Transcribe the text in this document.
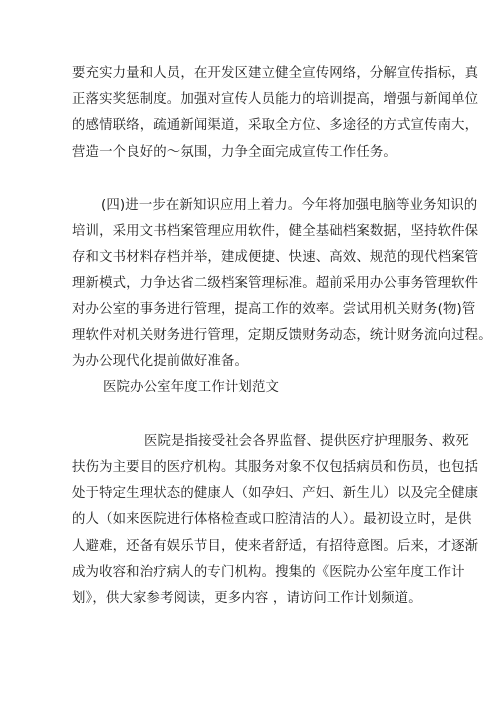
要充实力量和人员，在开发区建立健全宣传网络，分解宣传指标，真
正落实奖惩制度。加强对宣传人员能力的培训提高，增强与新闻单位
的感情联络，疏通新闻渠道，采取全方位、多途径的方式宣传南大，
营造一个良好的～氛围，力争全面完成宣传工作任务。
(四)进一步在新知识应用上着力。今年将加强电脑等业务知识的
培训，采用文书档案管理应用软件，健全基础档案数据，坚持软件保
存和文书材料存档并举，建成便捷、快速、高效、规范的现代档案管
理新模式，力争达省二级档案管理标准。超前采用办公事务管理软件
对办公室的事务进行管理，提高工作的效率。尝试用机关财务(物)管
理软件对机关财务进行管理，定期反馈财务动态，统计财务流向过程。
为办公现代化提前做好准备。
医院办公室年度工作计划范文
医院是指接受社会各界监督、提供医疗护理服务、救死
扶伤为主要目的医疗机构。其服务对象不仅包括病员和伤员，也包括
处于特定生理状态的健康人（如孕妇、产妇、新生儿）以及完全健康
的人（如来医院进行体格检查或口腔清洁的人）。最初设立时，是供
人避难，还备有娱乐节目，使来者舒适，有招待意图。后来，才逐渐
成为收容和治疗病人的专门机构。搜集的《医院办公室年度工作计
划》，供大家参考阅读，更多内容 ，请访问工作计划频道。
